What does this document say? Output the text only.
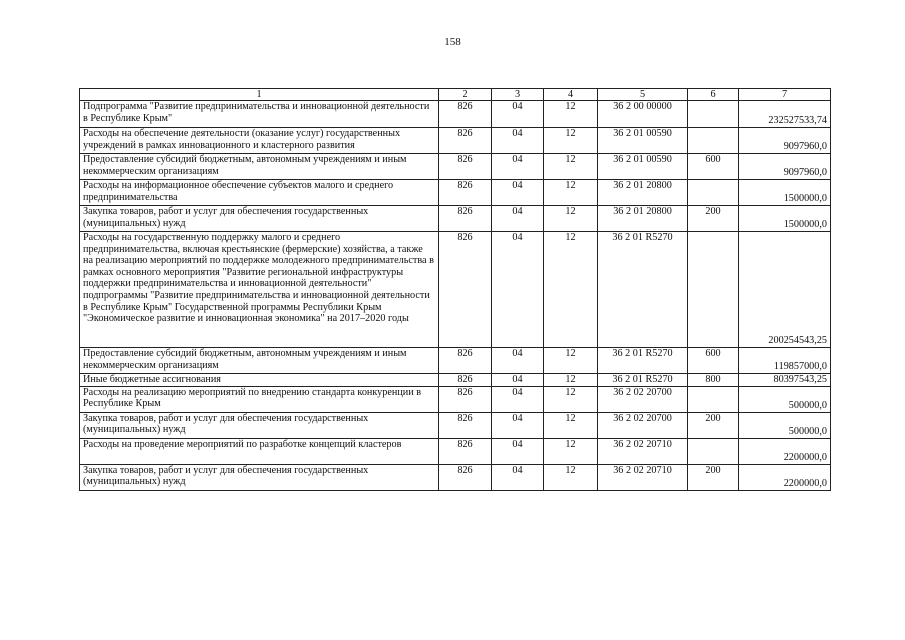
158
1	2	3	4	5	6	7
Подпрограмма "Развитие предпринимательства и инновационной деятельности в Республике Крым"	826	04	12	36 2 00 00000		232527533,74
Расходы на обеспечение деятельности (оказание услуг) государственных учреждений в рамках инновационного и кластерного развития	826	04	12	36 2 01 00590		9097960,0
Предоставление субсидий бюджетным, автономным учреждениям и иным некоммерческим организациям	826	04	12	36 2 01 00590	600	9097960,0
Расходы на информационное обеспечение субъектов малого и среднего предпринимательства	826	04	12	36 2 01 20800		1500000,0
Закупка товаров, работ и услуг для обеспечения государственных (муниципальных) нужд	826	04	12	36 2 01 20800	200	1500000,0
Расходы на государственную поддержку малого и среднего предпринимательства, включая крестьянские (фермерские) хозяйства, а также на реализацию мероприятий по поддержке молодежного предпринимательства в рамках основного мероприятия "Развитие региональной инфраструктуры поддержки предпринимательства и инновационной деятельности" подпрограммы "Развитие предпринимательства и инновационной деятельности в Республике Крым" Государственной программы Республики Крым "Экономическое развитие и инновационная экономика" на 2017–2020 годы	826	04	12	36 2 01 R5270		200254543,25
Предоставление субсидий бюджетным, автономным учреждениям и иным некоммерческим организациям	826	04	12	36 2 01 R5270	600	119857000,0
Иные бюджетные ассигнования	826	04	12	36 2 01 R5270	800	80397543,25
Расходы на реализацию мероприятий по внедрению стандарта конкуренции в Республике Крым	826	04	12	36 2 02 20700		500000,0
Закупка товаров, работ и услуг для обеспечения государственных (муниципальных) нужд	826	04	12	36 2 02 20700	200	500000,0
Расходы на проведение мероприятий по разработке концепций кластеров	826	04	12	36 2 02 20710		2200000,0
Закупка товаров, работ и услуг для обеспечения государственных (муниципальных) нужд	826	04	12	36 2 02 20710	200	2200000,0
